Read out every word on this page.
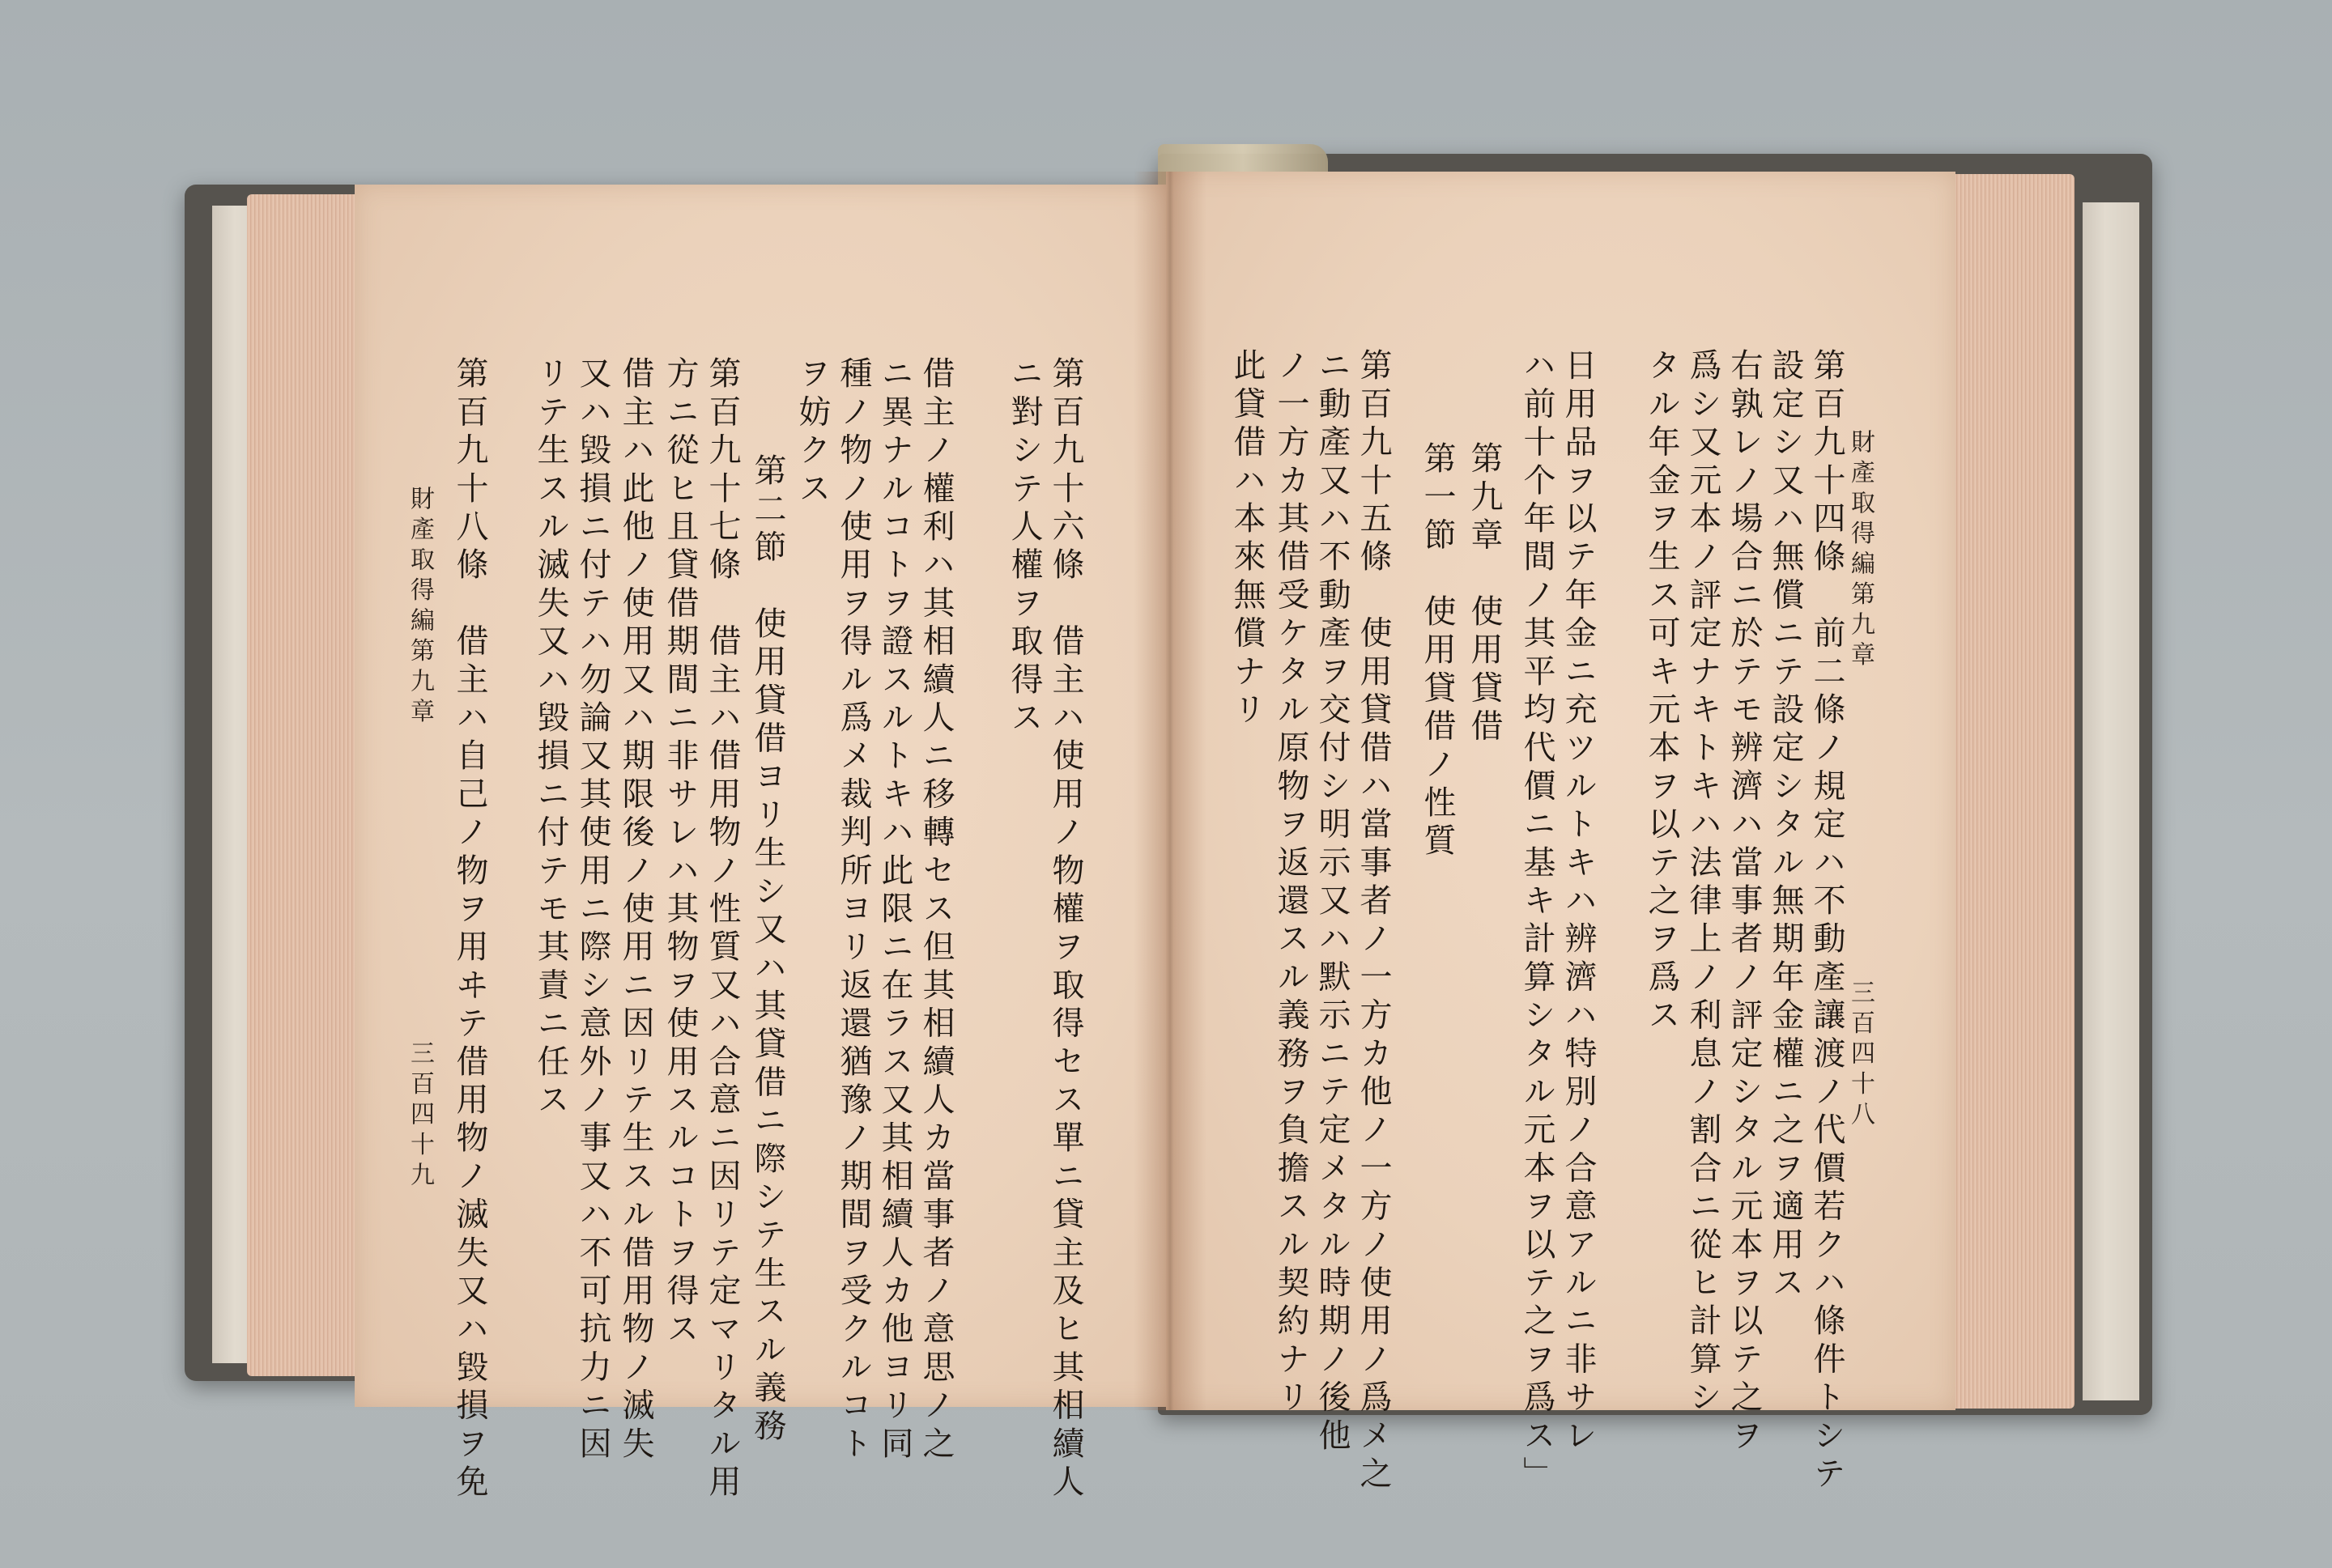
財產取得編第九章
三百四十九	第百九十六條　借主ハ使用ノ物權ヲ取得セス單ニ貸主及ヒ其相續人
ニ對シテ人權ヲ取得ス
借主ノ權利ハ其相續人ニ移轉セス但其相續人カ當事者ノ意思ノ之
ニ異ナルコトヲ證スルトキハ此限ニ在ラス又其相續人カ他ヨリ同
種ノ物ノ使用ヲ得ル爲メ裁判所ヨリ返還猶豫ノ期間ヲ受クルコト
ヲ妨クス
第二節　使用貸借ヨリ生シ又ハ其貸借ニ際シテ生スル義務
第百九十七條　借主ハ借用物ノ性質又ハ合意ニ因リテ定マリタル用
方ニ從ヒ且貸借期間ニ非サレハ其物ヲ使用スルコトヲ得ス
借主ハ此他ノ使用又ハ期限後ノ使用ニ因リテ生スル借用物ノ滅失
又ハ毀損ニ付テハ勿論又其使用ニ際シ意外ノ事又ハ不可抗力ニ因
リテ生スル滅失又ハ毀損ニ付テモ其責ニ任ス
第百九十八條　借主ハ自己ノ物ヲ用ヰテ借用物ノ滅失又ハ毀損ヲ免	財產取得編第九章
三百四十八
第百九十四條　前二條ノ規定ハ不動產讓渡ノ代價若クハ條件トシテ
設定シ又ハ無償ニテ設定シタル無期年金權ニ之ヲ適用ス
右孰レノ場合ニ於テモ辨濟ハ當事者ノ評定シタル元本ヲ以テ之ヲ
爲シ又元本ノ評定ナキトキハ法律上ノ利息ノ割合ニ從ヒ計算シ
タル年金ヲ生ス可キ元本ヲ以テ之ヲ爲ス
日用品ヲ以テ年金ニ充ツルトキハ辨濟ハ特別ノ合意アルニ非サレ
ハ前十个年間ノ其平均代價ニ基キ計算シタル元本ヲ以テ之ヲ爲ス」
第九章　使用貸借
第一節　使用貸借ノ性質
第百九十五條　使用貸借ハ當事者ノ一方カ他ノ一方ノ使用ノ爲メ之
ニ動產又ハ不動產ヲ交付シ明示又ハ默示ニテ定メタル時期ノ後他
ノ一方カ其借受ケタル原物ヲ返還スル義務ヲ負擔スル契約ナリ
此貸借ハ本來無償ナリ
